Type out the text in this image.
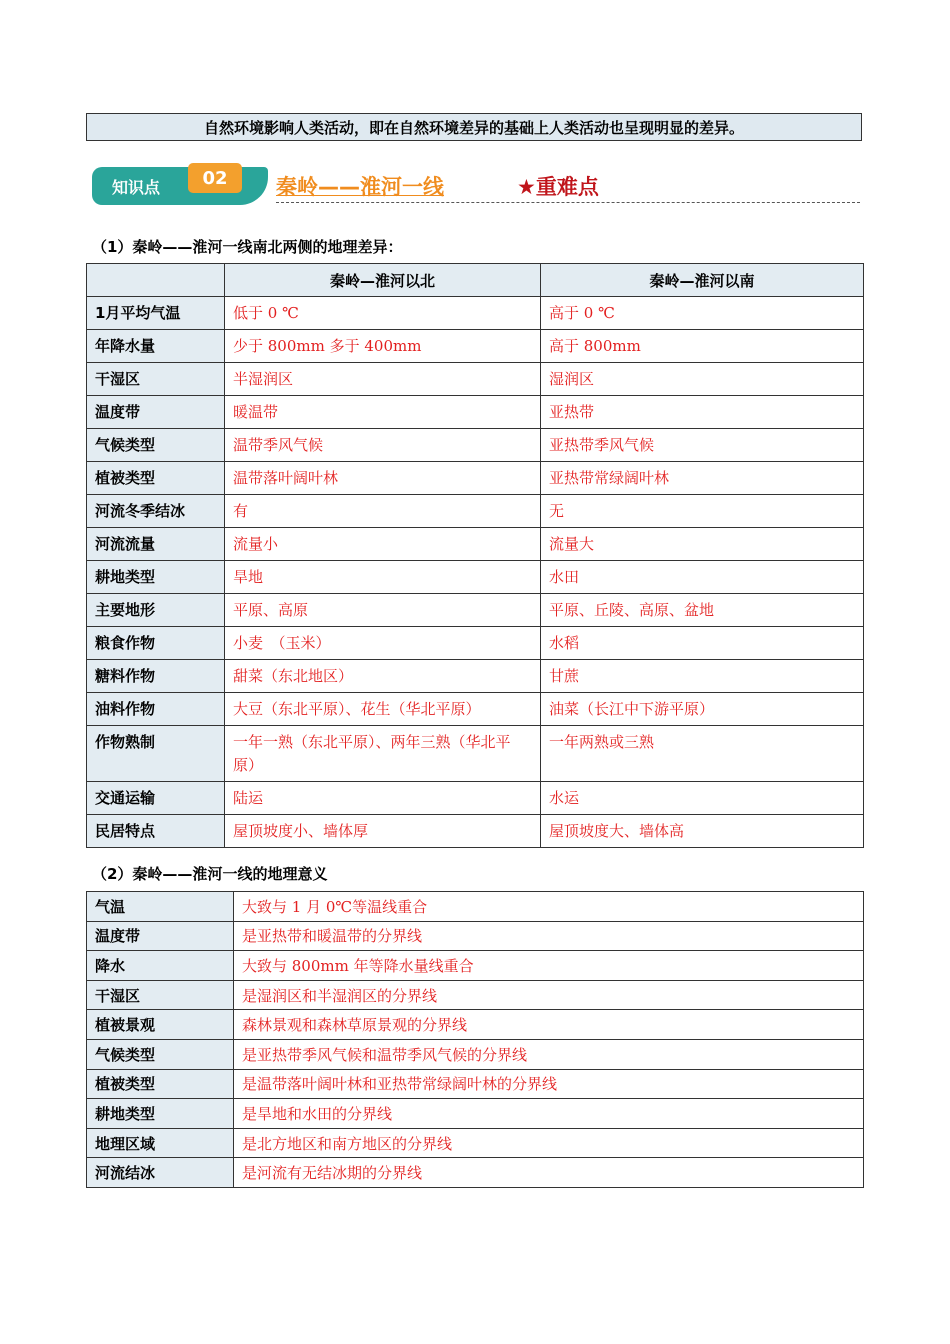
自然环境影响人类活动，即在自然环境差异的基础上人类活动也呈现明显的差异。
知识点	02	秦岭——淮河一线	★重难点
（1）秦岭——淮河一线南北两侧的地理差异：
	秦岭—淮河以北	秦岭—淮河以南
1月平均气温	低于 0 ℃	高于 0 ℃
年降水量	少于 800mm 多于 400mm	高于 800mm
干湿区	半湿润区	湿润区
温度带	暖温带	亚热带
气候类型	温带季风气候	亚热带季风气候
植被类型	温带落叶阔叶林	亚热带常绿阔叶林
河流冬季结冰	有	无
河流流量	流量小	流量大
耕地类型	旱地	水田
主要地形	平原、高原	平原、丘陵、高原、盆地
粮食作物	小麦　（玉米）	水稻
糖料作物	甜菜（东北地区）	甘蔗
油料作物	大豆（东北平原）、花生（华北平原）	油菜（长江中下游平原）
作物熟制	一年一熟（东北平原）、两年三熟（华北平原）	一年两熟或三熟
交通运输	陆运	水运
民居特点	屋顶坡度小、墙体厚	屋顶坡度大、墙体高
（2）秦岭——淮河一线的地理意义
气温	大致与 1 月 0℃等温线重合
温度带	是亚热带和暖温带的分界线
降水	大致与 800mm 年等降水量线重合
干湿区	是湿润区和半湿润区的分界线
植被景观	森林景观和森林草原景观的分界线
气候类型	是亚热带季风气候和温带季风气候的分界线
植被类型	是温带落叶阔叶林和亚热带常绿阔叶林的分界线
耕地类型	是旱地和水田的分界线
地理区域	是北方地区和南方地区的分界线
河流结冰	是河流有无结冰期的分界线
